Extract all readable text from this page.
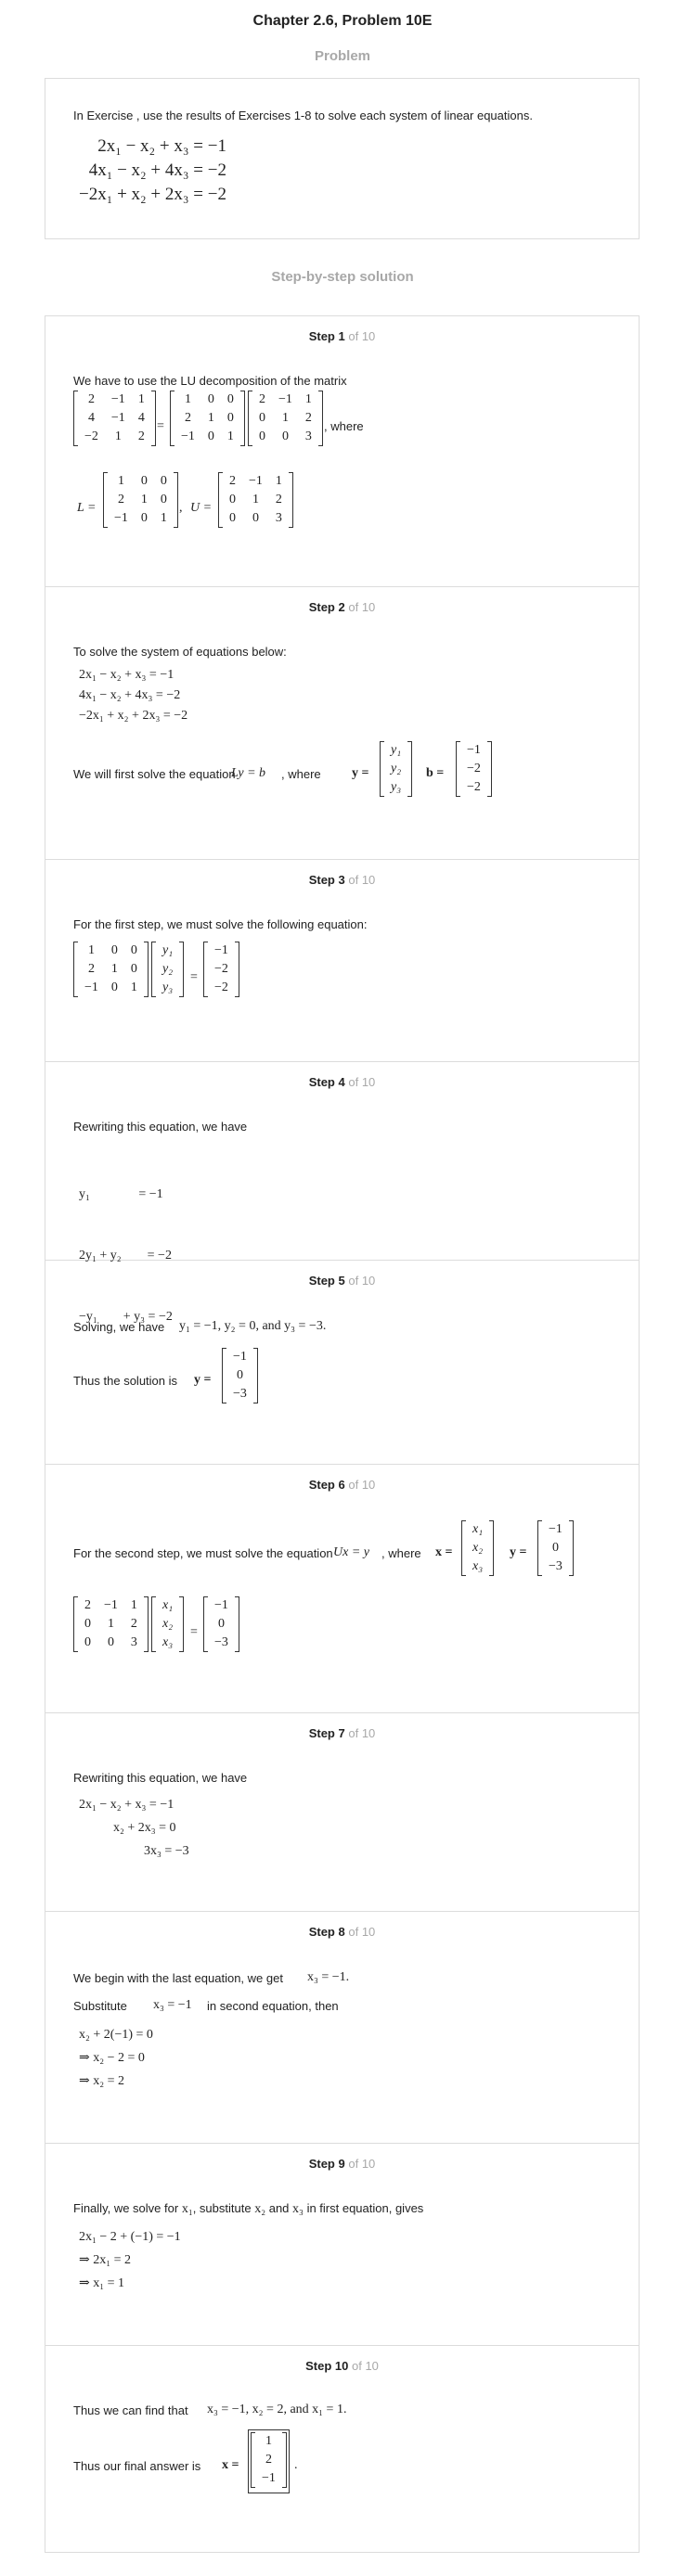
Chapter 2.6, Problem 10E
Problem
In Exercise , use the results of Exercises 1-8 to solve each system of linear equations.
2x₁ − x₂ + x₃ = −1
4x₁ − x₂ + 4x₃ = −2
−2x₁ + x₂ + 2x₃ = −2
Step-by-step solution
Step 1 of 10
We have to use the LU decomposition of the matrix
2	−1	1
4	−1	4
−2	1	2
=
1	0	0
2	1	0
−1	0	1
2	−1	1
0	1	2
0	0	3
, where
L =
1	0	0
2	1	0
−1	0	1
, U =
2	−1	1
0	1	2
0	0	3
Step 2 of 10
To solve the system of equations below:
2x₁ − x₂ + x₃ = −1
4x₁ − x₂ + 4x₃ = −2
−2x₁ + x₂ + 2x₃ = −2
We will first solve the equation
Ly = b , where y =
y₁
y₂
y₃
b =
−1
−2
−2
Step 3 of 10
For the first step, we must solve the following equation:
1	0	0
2	1	0
−1	0	1
y₁
y₂
y₃
=
−1
−2
−2
Step 4 of 10
Rewriting this equation, we have

y₁               = −1

2y₁ + y₂        = −2

−y₁        + y₃ = −2

Step 5 of 10
Solving, we have y₁ = −1, y₂ = 0, and y₃ = −3.
Thus the solution is y =
−1
0
−3
Step 6 of 10
For the second step, we must solve the equation Ux = y , where x =
x₁
x₂
x₃
y =
−1
0
−3
2	−1	1
0	1	2
0	0	3
x₁
x₂
x₃
=
−1
0
−3
Step 7 of 10
Rewriting this equation, we have
2x₁ − x₂ + x₃ = −1
x₂ + 2x₃ = 0
3x₃ = −3
Step 8 of 10
We begin with the last equation, we get x₃ = −1.
Substitute x₃ = −1 in second equation, then
x₂ + 2(−1) = 0
⇒ x₂ − 2 = 0
⇒ x₂ = 2
Step 9 of 10
Finally, we solve for x₁, substitute x₂ and x₃ in first equation, gives
2x₁ − 2 + (−1) = −1
⇒ 2x₁ = 2
⇒ x₁ = 1
Step 10 of 10
Thus we can find that x₃ = −1, x₂ = 2, and x₁ = 1.
Thus our final answer is x =
1
2
−1
.
